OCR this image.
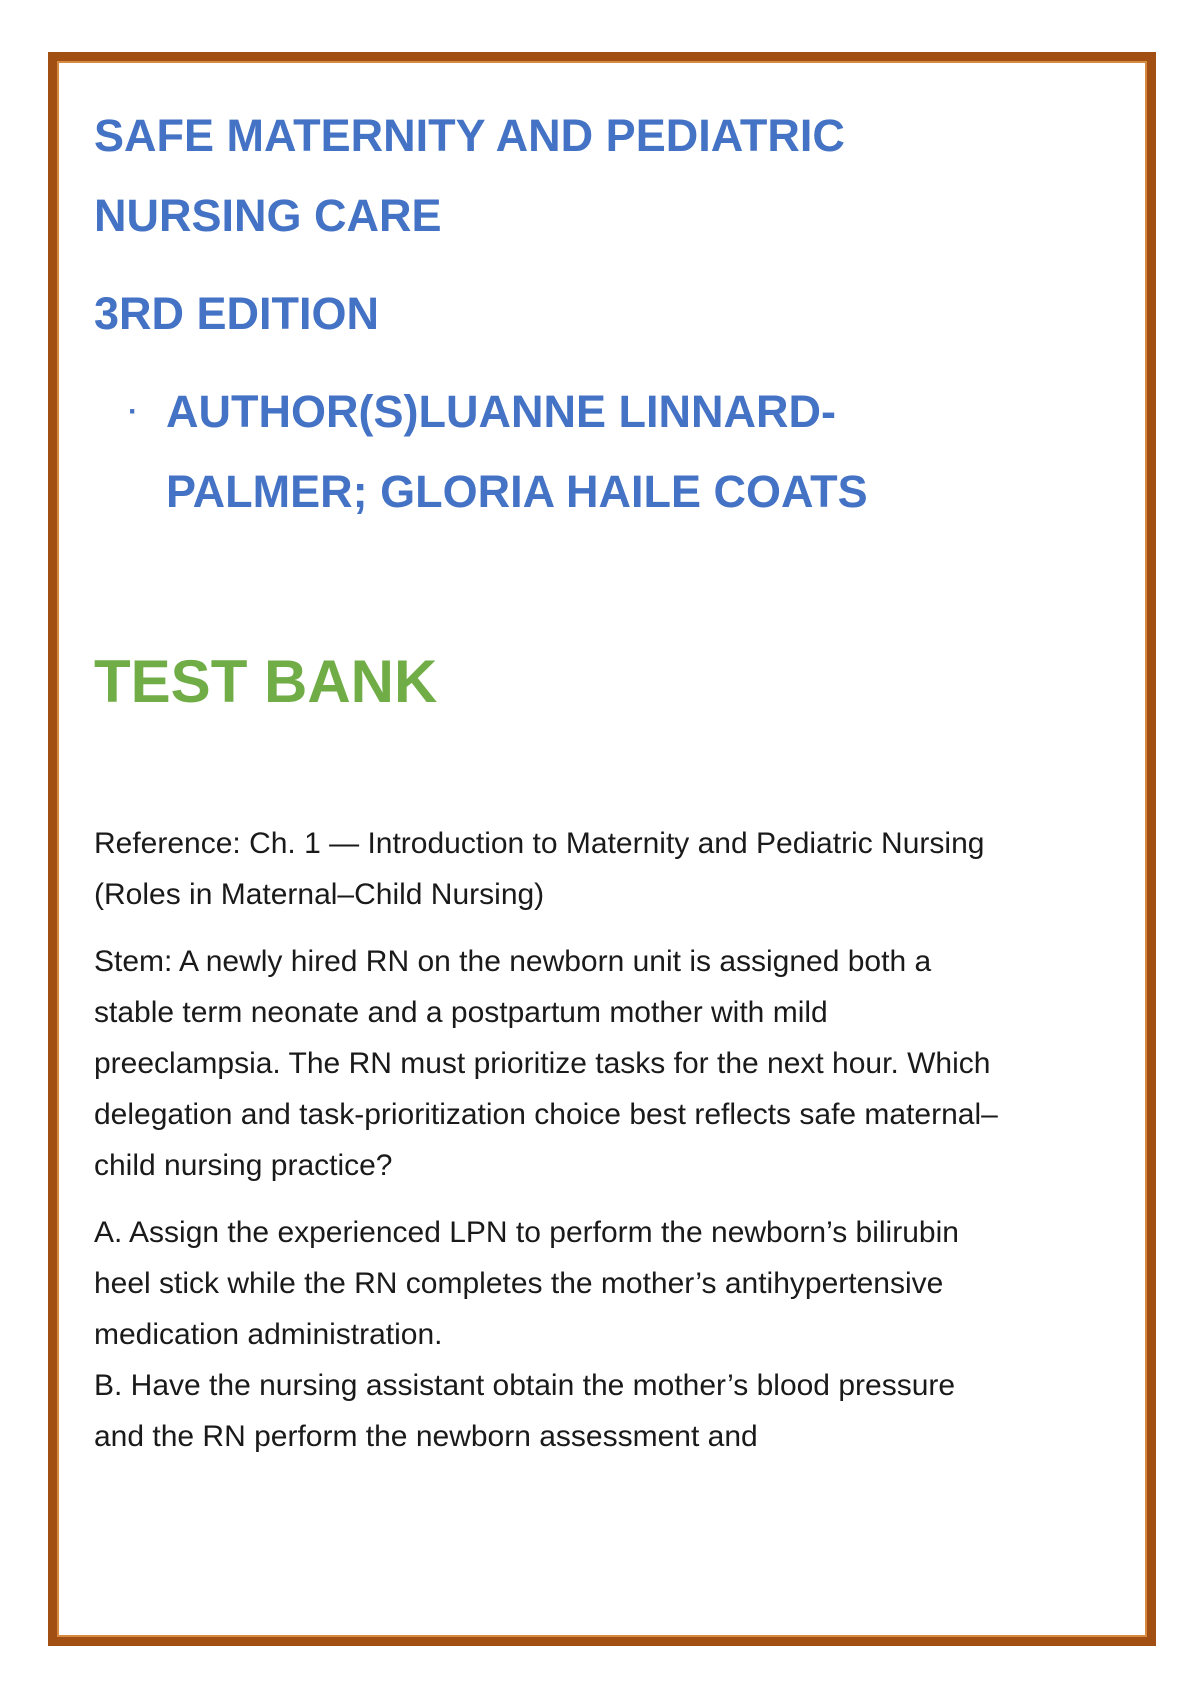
SAFE MATERNITY AND PEDIATRIC NURSING CARE
3RD EDITION
· AUTHOR(S)LUANNE LINNARD-PALMER; GLORIA HAILE COATS
TEST BANK

Reference: Ch. 1 — Introduction to Maternity and Pediatric Nursing (Roles in Maternal–Child Nursing)

Stem: A newly hired RN on the newborn unit is assigned both a stable term neonate and a postpartum mother with mild preeclampsia. The RN must prioritize tasks for the next hour. Which delegation and task-prioritization choice best reflects safe maternal–child nursing practice?

A. Assign the experienced LPN to perform the newborn’s bilirubin heel stick while the RN completes the mother’s antihypertensive medication administration.

B. Have the nursing assistant obtain the mother’s blood pressure and the RN perform the newborn assessment and
